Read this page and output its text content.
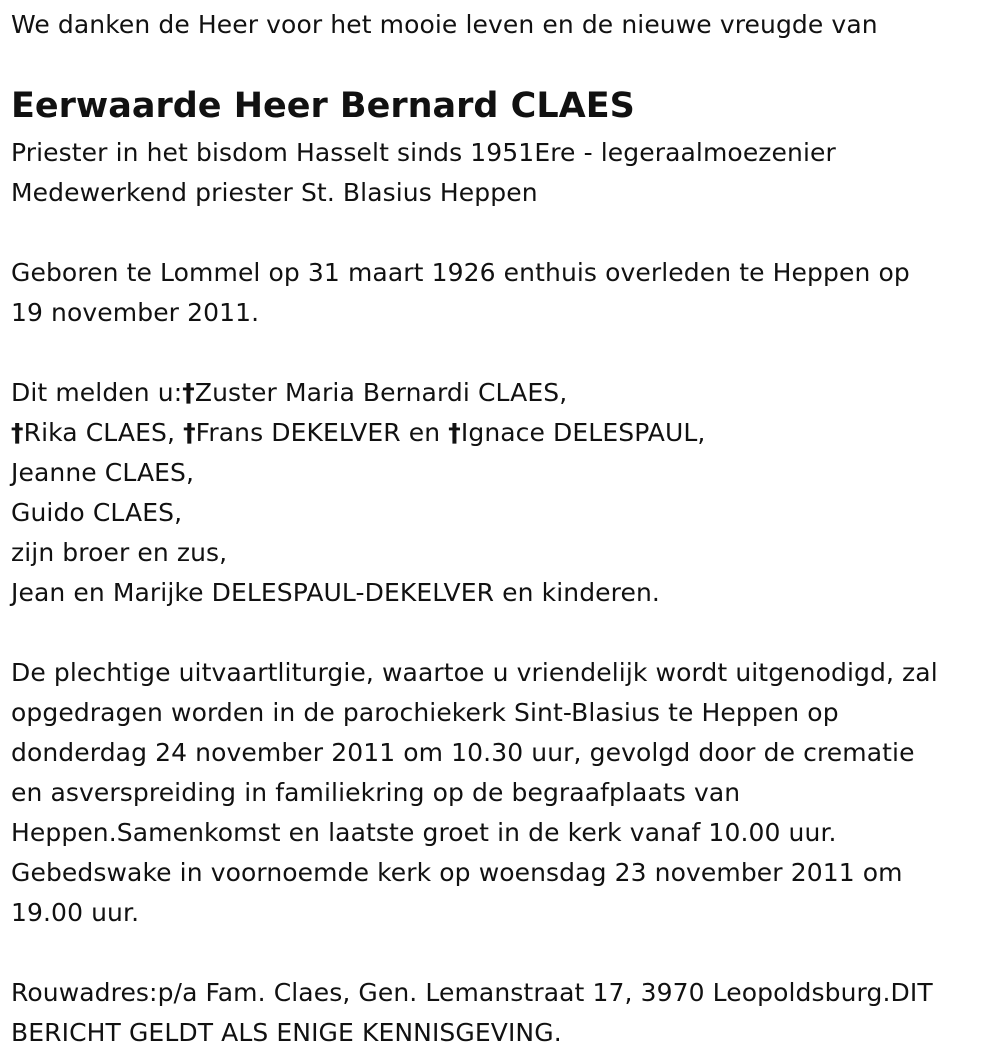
We danken de Heer voor het mooie leven en de nieuwe vreugde van
Eerwaarde Heer Bernard CLAES
Priester in het bisdom Hasselt sinds 1951Ere - legeraalmoezenier
Medewerkend priester St. Blasius Heppen
Geboren te Lommel op 31 maart 1926 enthuis overleden te Heppen op
19 november 2011.
Dit melden u:†Zuster Maria Bernardi CLAES,
†Rika CLAES, †Frans DEKELVER en †Ignace DELESPAUL,
Jeanne CLAES,
Guido CLAES,
zijn broer en zus,
Jean en Marijke DELESPAUL-DEKELVER en kinderen.
De plechtige uitvaartliturgie, waartoe u vriendelijk wordt uitgenodigd, zal
opgedragen worden in de parochiekerk Sint-Blasius te Heppen op
donderdag 24 november 2011 om 10.30 uur, gevolgd door de crematie
en asverspreiding in familiekring op de begraafplaats van
Heppen.Samenkomst en laatste groet in de kerk vanaf 10.00 uur.
Gebedswake in voornoemde kerk op woensdag 23 november 2011 om
19.00 uur.
Rouwadres:p/a Fam. Claes, Gen. Lemanstraat 17, 3970 Leopoldsburg.DIT
BERICHT GELDT ALS ENIGE KENNISGEVING.
